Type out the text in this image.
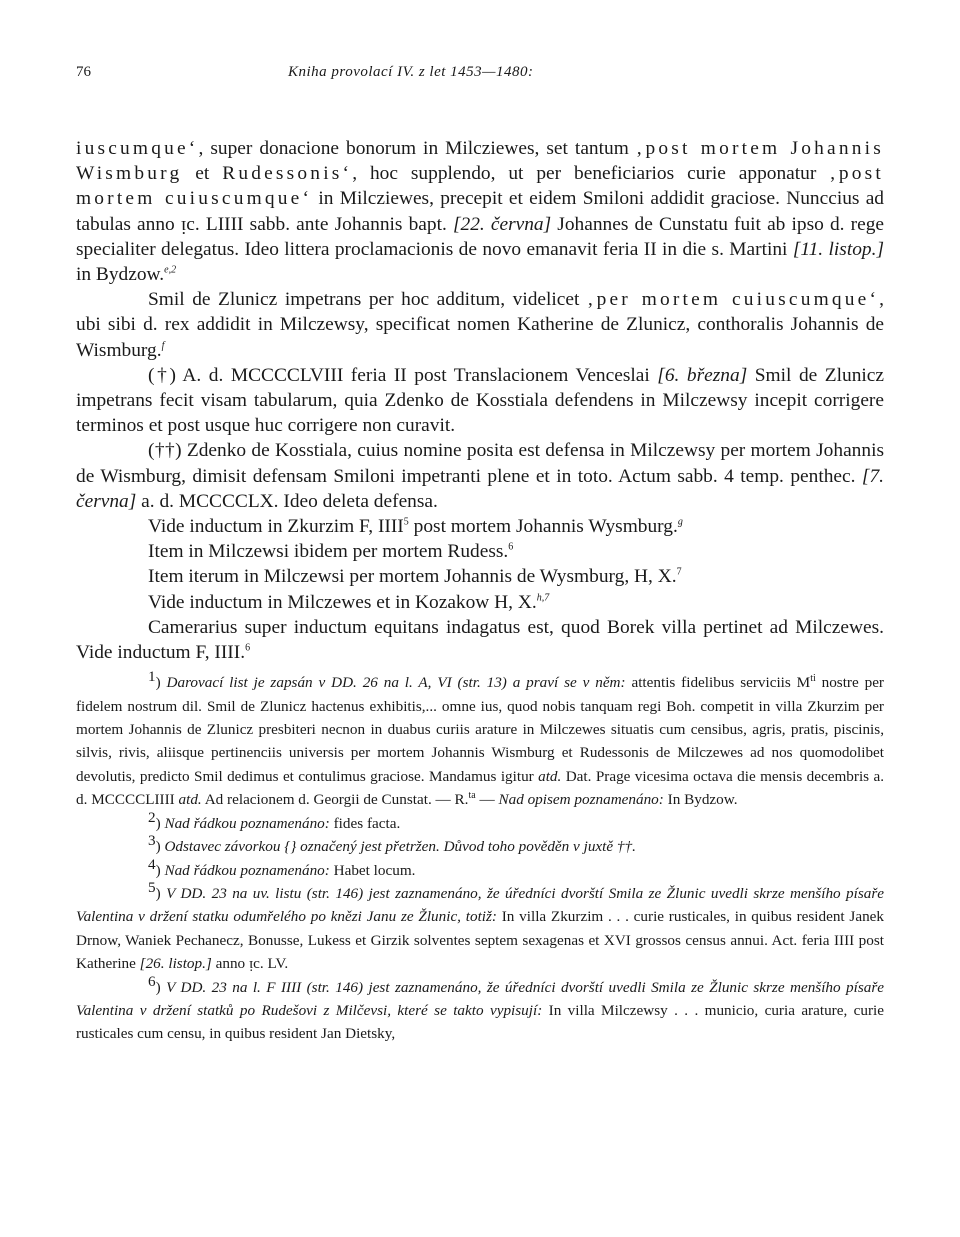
76	Kniha provolací IV. z let 1453—1480:

iuscumque‘, super donacione bonorum in Milcziewes, set tantum ‚post mortem Johannis Wismburg et Rudessonis‘, hoc supplendo, ut per beneficiarios curie apponatur ‚post mortem cuiuscumque‘ in Milcziewes, precepit et eidem Smiloni addidit graciose. Nunccius ad tabulas anno ᴉc. LIIII sabb. ante Johannis bapt. [22. června] Johannes de Cunstatu fuit ab ipso d. rege specialiter delegatus. Ideo littera proclamacionis de novo emanavit feria II in die s. Martini [11. listop.] in Bydzow.$^{e,2}$

Smil de Zlunicz impetrans per hoc additum, videlicet ‚per mortem cuiuscumque‘, ubi sibi d. rex addidit in Milczewsy, specificat nomen Katherine de Zlunicz, conthoralis Johannis de Wismburg.$^f$

(†) A. d. MCCCCLVIII feria II post Translacionem Venceslai [6. března] Smil de Zlunicz impetrans fecit visam tabularum, quia Zdenko de Kosstiala defendens in Milczewsy incepit corrigere terminos et post usque huc corrigere non curavit.

(††) Zdenko de Kosstiala, cuius nomine posita est defensa in Milczewsy per mortem Johannis de Wismburg, dimisit defensam Smiloni impetranti plene et in toto. Actum sabb. 4 temp. penthec. [7. června] a. d. MCCCCLX. Ideo deleta defensa.

Vide inductum in Zkurzim F, IIII$^5$ post mortem Johannis Wysmburg.$^g$

Item in Milczewsi ibidem per mortem Rudess.$^6$

Item iterum in Milczewsi per mortem Johannis de Wysmburg, H, X.$^7$

Vide inductum in Milczewes et in Kozakow H, X.$^{h,7}$

Camerarius super inductum equitans indagatus est, quod Borek villa pertinet ad Milczewes. Vide inductum F, IIII.$^6$

$^1$) Darovací list je zapsán v DD. 26 na l. A, VI (str. 13) a praví se v něm: attentis fidelibus serviciis $M^{ti}$ nostre per fidelem nostrum dil. Smil de Zlunicz hactenus exhibitis,... omne ius, quod nobis tanquam regi Boh. competit in villa Zkurzim per mortem Johannis de Zlunicz presbiteri necnon in duabus curiis arature in Milczewes situatis cum censibus, agris, pratis, piscinis, silvis, rivis, aliisque pertinenciis universis per mortem Johannis Wismburg et Rudessonis de Milczewes ad nos quomodolibet devolutis, predicto Smil dedimus et contulimus graciose. Mandamus igitur atd. Dat. Prage vicesima octava die mensis decembris a. d. MCCCCLIIII atd. Ad relacionem d. Georgii de Cunstat. — R.$^{ta}$ — Nad opisem poznamenáno: In Bydzow.

$^2$) Nad řádkou poznamenáno: fides facta.

$^3$) Odstavec závorkou {} označený jest přetržen. Důvod toho pověděn v juxtě ††.

$^4$) Nad řádkou poznamenáno: Habet locum.

$^5$) V DD. 23 na uv. listu (str. 146) jest zaznamenáno, že úředníci dvorští Smila ze Žlunic uvedli skrze menšího písaře Valentina v držení statku odumřelého po knězi Janu ze Žlunic, totiž: In villa Zkurzim . . . curie rusticales, in quibus resident Janek Drnow, Waniek Pechanecz, Bonusse, Lukess et Girzik solventes septem sexagenas et XVI grossos census annui. Act. feria IIII post Katherine [26. listop.] anno ᴉc. LV.

$^6$) V DD. 23 na l. F IIII (str. 146) jest zaznamenáno, že úředníci dvorští uvedli Smila ze Žlunic skrze menšího písaře Valentina v držení statků po Rudešovi z Milčevsi, které se takto vypisují: In villa Milczewsy . . . municio, curia arature, curie rusticales cum censu, in quibus resident Jan Dietsky,
